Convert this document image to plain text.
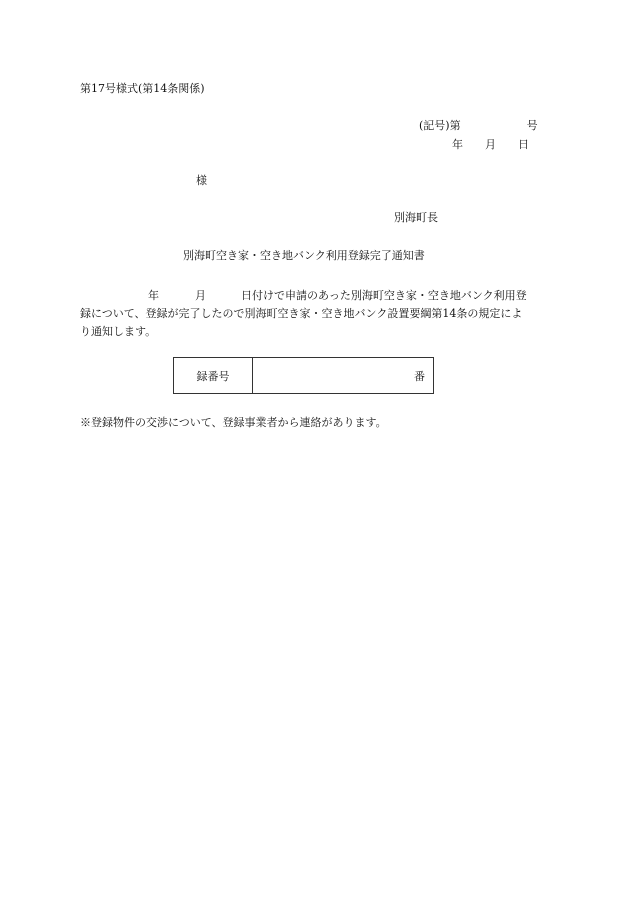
第17号様式(第14条関係)
(記号)第	号
年 月 日
様
別海町長
別海町空き家・空き地バンク利用登録完了通知書
年	月	日付けで申請のあった別海町空き家・空き地バンク利用登
録について、登録が完了したので別海町空き家・空き地バンク設置要綱第14条の規定によ
り通知します。
録番号	番
※登録物件の交渉について、登録事業者から連絡があります。
